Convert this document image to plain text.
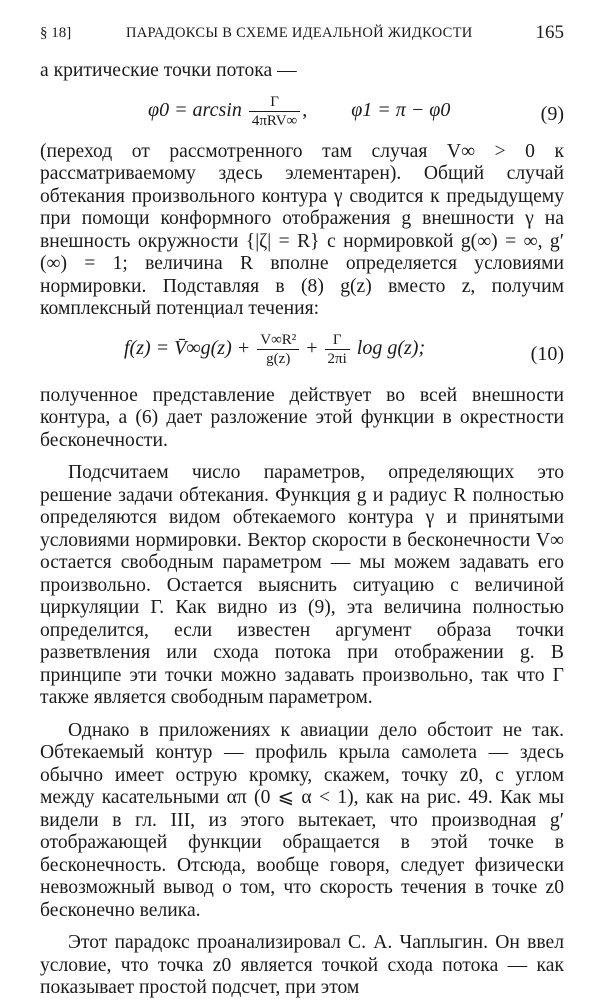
§ 18]	ПАРАДОКСЫ В СХЕМЕ ИДЕАЛЬНОЙ ЖИДКОСТИ	165

а критические точки потока —

$\varphi 0 = \arcsin \frac{\Gamma}{\text{4πRV∞}}$ , φ1 = π − φ0	(9)

(переход от рассмотренного там случая V∞ > 0 к рассматриваемому здесь элементарен). Общий случай обтекания произвольного контура γ сводится к предыдущему при помощи конформного отображения g внешности γ на внешность окружности {|ζ| = R} с нормировкой g(∞) = ∞, g′(∞) = 1; величина R вполне определяется условиями нормировки. Подставляя в (8) g(z) вместо z, получим комплексный потенциал течения:

f(z) = V̄∞g(z) + $\frac{\text{V∞R²}}{g(z)} + \frac{\Gamma}{2\pi i}$ log g(z);	(10)

полученное представление действует во всей внешности контура, а (6) дает разложение этой функции в окрестности бесконечности.

Подсчитаем число параметров, определяющих это решение задачи обтекания. Функция g и радиус R полностью определяются видом обтекаемого контура γ и принятыми условиями нормировки. Вектор скорости в бесконечности V∞ остается свободным параметром — мы можем задавать его произвольно. Остается выяснить ситуацию с величиной циркуляции Γ. Как видно из (9), эта величина полностью определится, если известен аргумент образа точки разветвления или схода потока при отображении g. В принципе эти точки можно задавать произвольно, так что Γ также является свободным параметром.

Однако в приложениях к авиации дело обстоит не так. Обтекаемый контур — профиль крыла самолета — здесь обычно имеет острую кромку, скажем, точку z0, с углом между касательными απ (0 ⩽ α < 1), как на рис. 49. Как мы видели в гл. III, из этого вытекает, что производная g′ отображающей функции обращается в этой точке в бесконечность. Отсюда, вообще говоря, следует физически невозможный вывод о том, что скорость течения в точке z0 бесконечно велика.

Этот парадокс проанализировал С. А. Чаплыгин. Он ввел условие, что точка z0 является точкой схода потока — как показывает простой подсчет, при этом
